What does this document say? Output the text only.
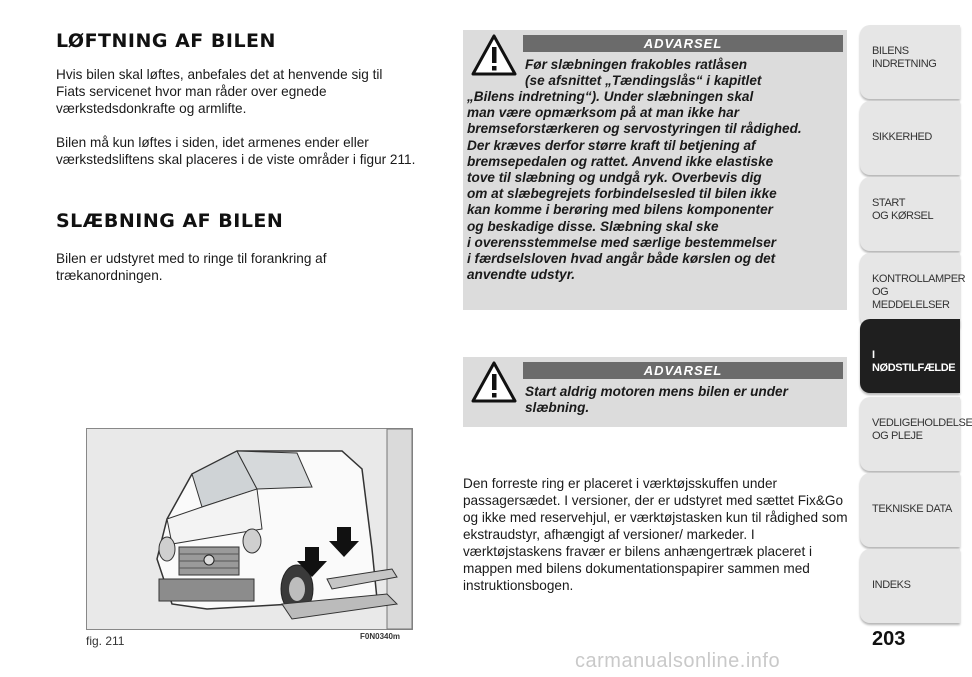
LØFTNING AF BILEN

Hvis bilen skal løftes, anbefales det at henvende sig til Fiats servicenet hvor man råder over egnede værkstedsdonkrafte og armlifte.

Bilen må kun løftes i siden, idet armenes ender eller værkstedsliftens skal placeres i de viste områder i figur 211.

SLÆBNING AF BILEN

Bilen er udstyret med to ringe til forankring af trækanordningen.

ADVARSEL
Før slæbningen frakobles ratlåsen
(se afsnittet „Tændingslås“ i kapitlet
„Bilens indretning“). Under slæbningen skal
man være opmærksom på at man ikke har
bremseforstærkeren og servostyringen til rådighed.
Der kræves derfor større kraft til betjening af
bremsepedalen og rattet. Anvend ikke elastiske
tove til slæbning og undgå ryk. Overbevis dig
om at slæbegrejets forbindelsesled til bilen ikke
kan komme i berøring med bilens komponenter
og beskadige disse. Slæbning skal ske
i overensstemmelse med særlige bestemmelser
i færdselsloven hvad angår både kørslen og det
anvendte udstyr.
ADVARSEL
Start aldrig motoren mens bilen er under
slæbning.

Den forreste ring er placeret i værktøjsskuffen under passagersædet. I versioner, der er udstyret med sættet Fix&Go og ikke med reservehjul, er værktøjstasken kun til rådighed som ekstraudstyr, afhængigt af versioner/ markeder. I værktøjstaskens fravær er bilens anhængertræk placeret i mappen med bilens dokumentationspapirer sammen med instruktionsbogen.

fig. 211	F0N0340m
BILENS
INDRETNING
SIKKERHED
START
OG KØRSEL
KONTROLLAMPER
OG MEDDELELSER
I NØDSTILFÆLDE
VEDLIGEHOLDELSE
OG PLEJE
TEKNISKE DATA
INDEKS
203
carmanualsonline.info
